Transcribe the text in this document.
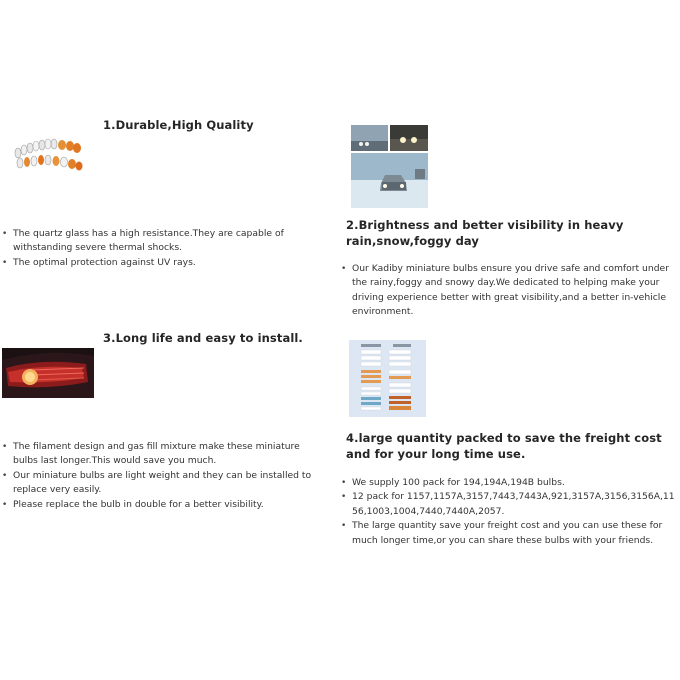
1.Durable,High Quality
• The quartz glass has a high resistance.They are capable of withstanding severe thermal shocks.
• The optimal protection against UV rays.
2.Brightness and better visibility in heavy rain,snow,foggy day
• Our Kadiby miniature bulbs ensure you drive safe and comfort under the rainy,foggy and snowy day.We dedicated to helping make your driving experience better with great visibility,and a better in-vehicle environment.
3.Long life and easy to install.
• The filament design and gas fill mixture make these miniature bulbs last longer.This would save you much.
• Our miniature bulbs are light weight and they can be installed to replace very easily.
• Please replace the bulb in double for a better visibility.
4.large quantity packed to save the freight cost and for your long time use.
• We supply 100 pack for 194,194A,194B bulbs.
• 12 pack for 1157,1157A,3157,7443,7443A,921,3157A,3156,3156A,1156,1003,1004,7440,7440A,2057.
• The large quantity save your freight cost and you can use these for much longer time,or you can share these bulbs with your friends.
